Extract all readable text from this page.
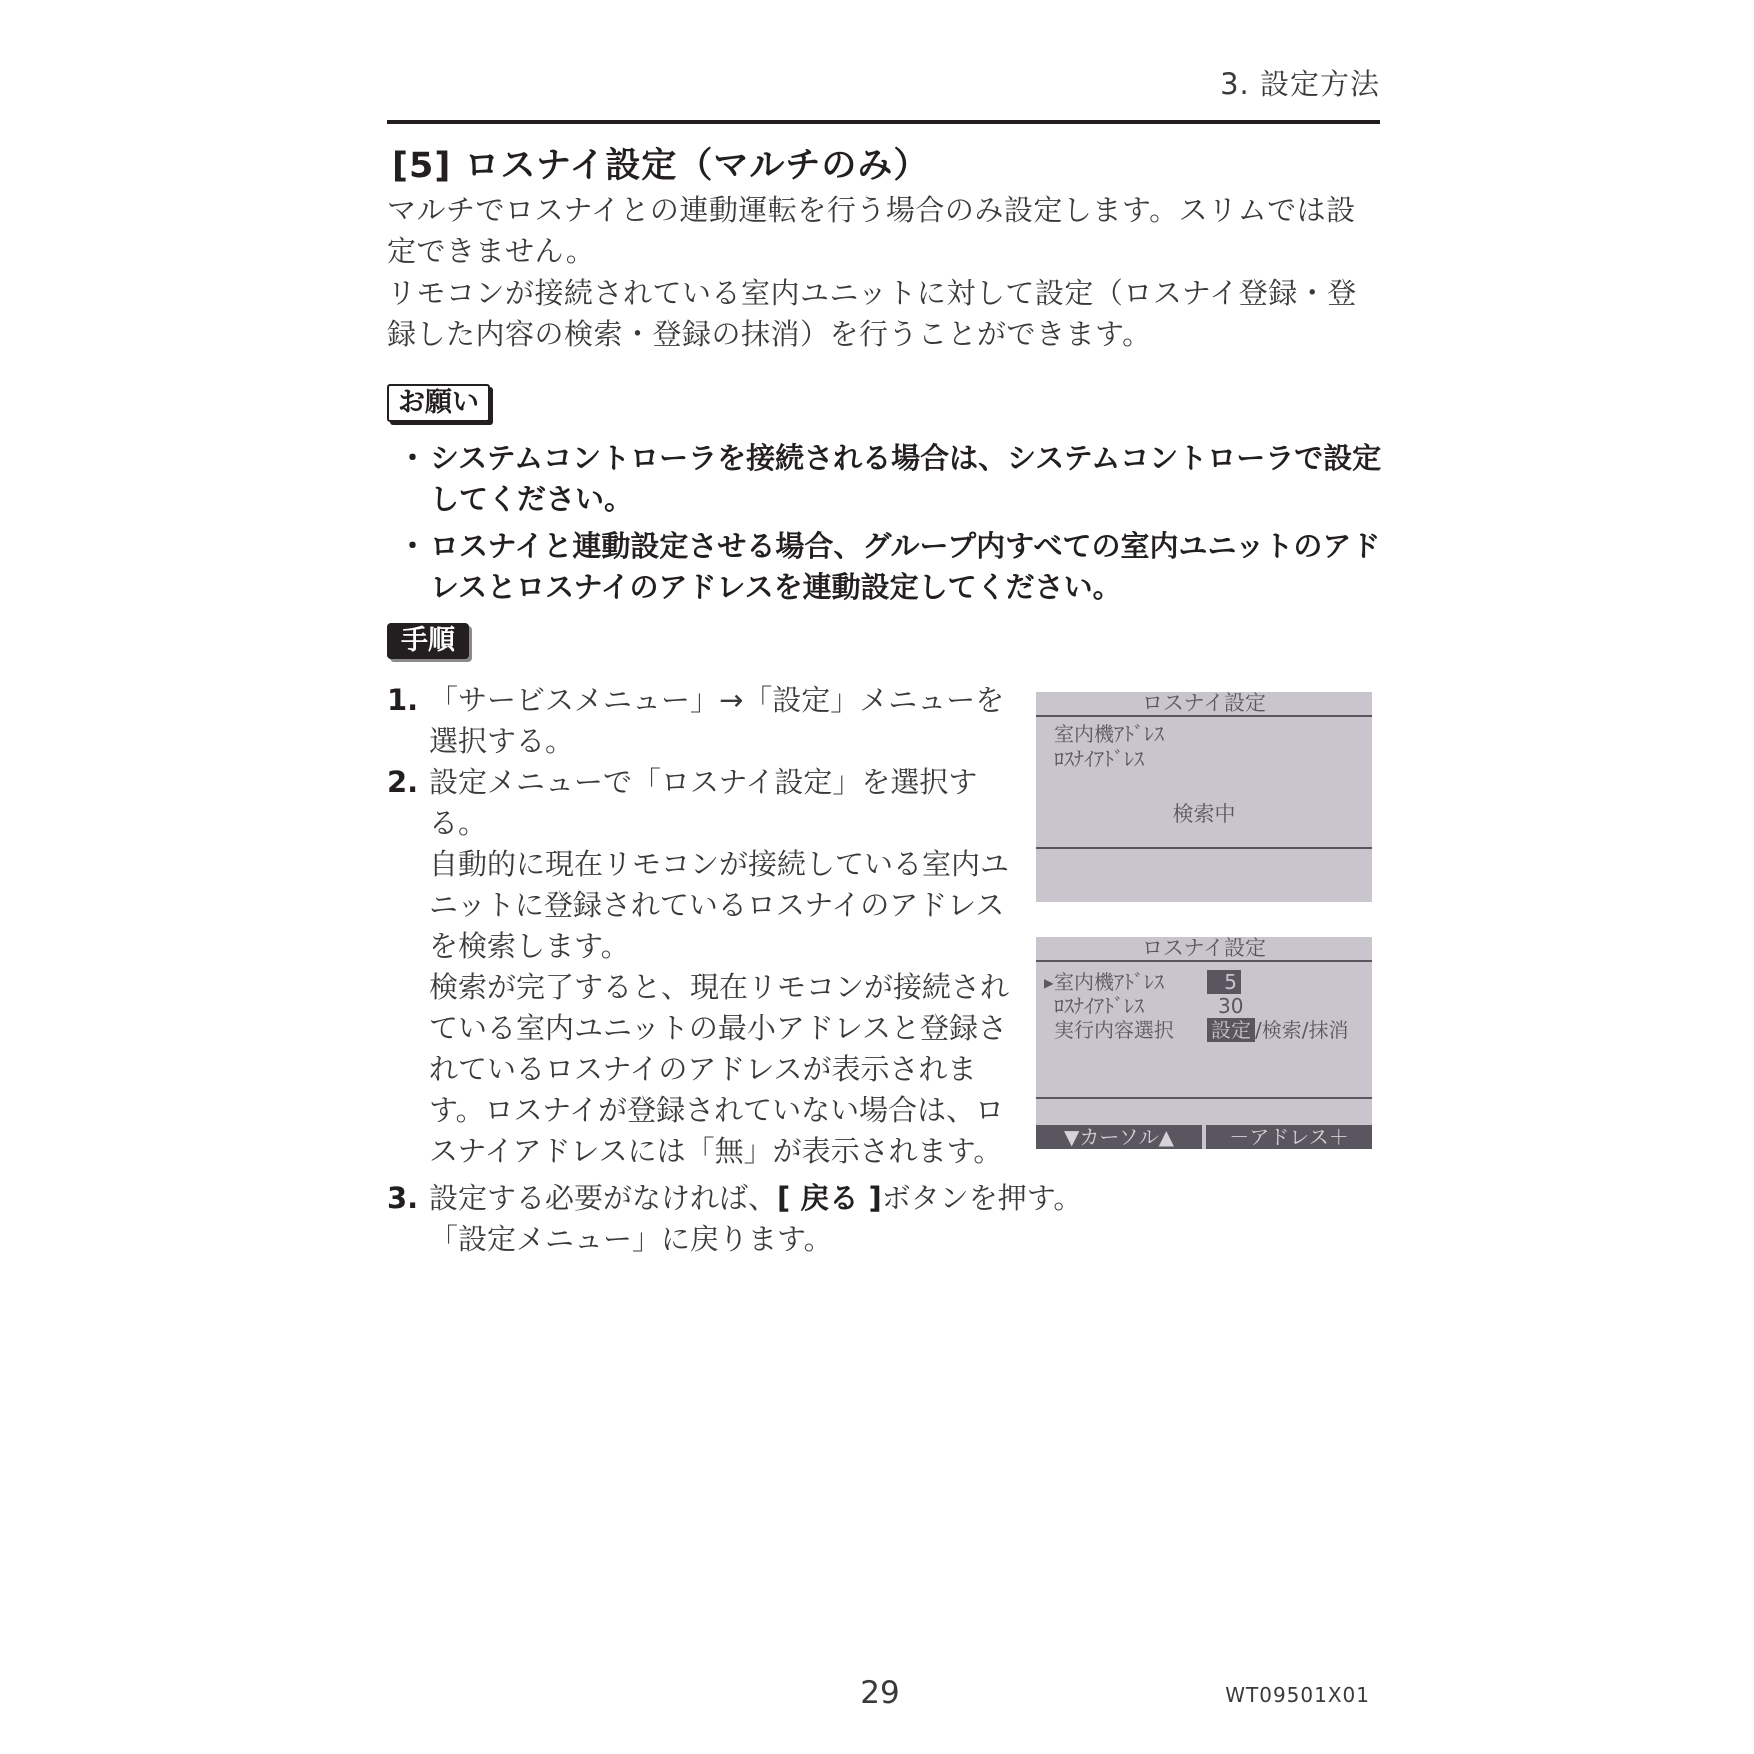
3. 設定方法
[5] ロスナイ設定（マルチのみ）
マルチでロスナイとの連動運転を行う場合のみ設定します。スリムでは設定できません。
リモコンが接続されている室内ユニットに対して設定（ロスナイ登録・登録した内容の検索・登録の抹消）を行うことができます。
お願い
・ システムコントローラを接続される場合は、システムコントローラで設定してください。
・ ロスナイと連動設定させる場合、グループ内すべての室内ユニットのアドレスとロスナイのアドレスを連動設定してください。
手順
1. 「サービスメニュー」→「設定」メニューを選択する。
2. 設定メニューで「ロスナイ設定」を選択する。
自動的に現在リモコンが接続している室内ユニットに登録されているロスナイのアドレスを検索します。
検索が完了すると、現在リモコンが接続されている室内ユニットの最小アドレスと登録されているロスナイのアドレスが表示されます。ロスナイが登録されていない場合は、ロスナイアドレスには「無」が表示されます。
ロスナイ設定
室内機ｱﾄﾞﾚｽ
ﾛｽﾅｲｱﾄﾞﾚｽ
検索中
ロスナイ設定
▶ 室内機ｱﾄﾞﾚｽ	5
ﾛｽﾅｲｱﾄﾞﾚｽ	30
実行内容選択 設定 /検索/抹消
▼カーソル▲	－アドレス＋
3. 設定する必要がなければ、[ 戻る ]ボタンを押す。
「設定メニュー」に戻ります。
29	WT09501X01
